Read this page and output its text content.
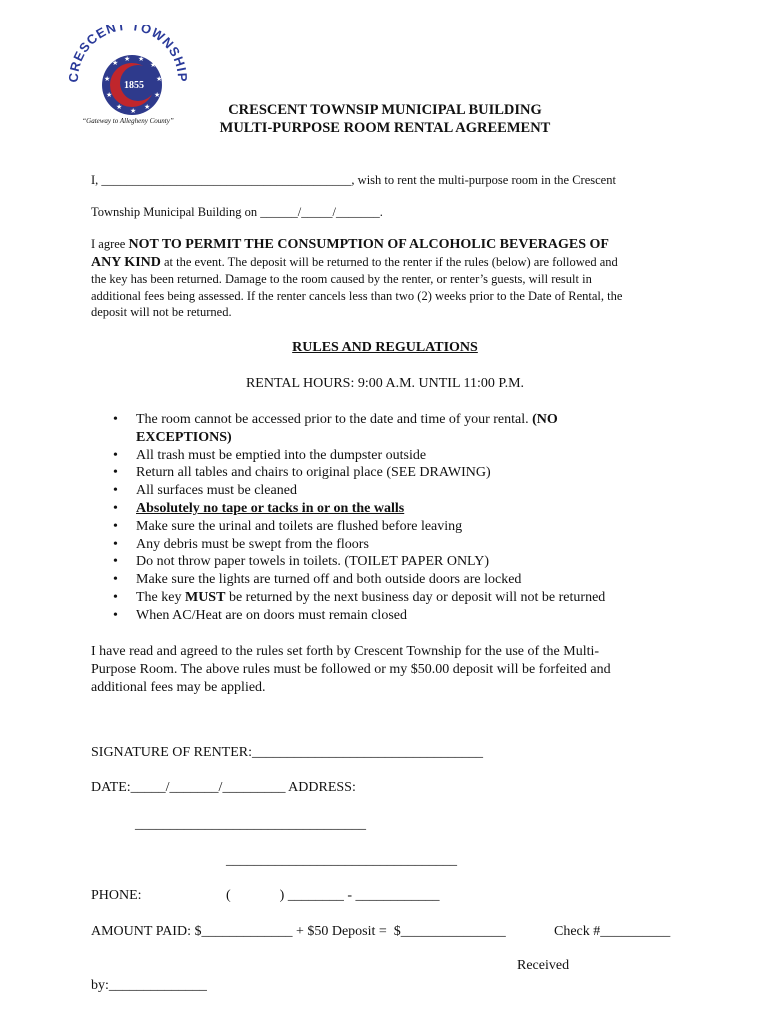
RESCENT TOWNSHI
★ ★ ★
★
★
★
★
★
★
★
★
1855
“Gateway to Allegheny County”
CRESCENT TOWNSIP MUNICIPAL BUILDING
MULTI-PURPOSE ROOM RENTAL AGREEMENT
I, ________________________________________, wish to rent the multi-purpose room in the Crescent
Township Municipal Building on ______/_____/_______.
I agree NOT TO PERMIT THE CONSUMPTION OF ALCOHOLIC BEVERAGES OF
ANY KIND at the event. The deposit will be returned to the renter if the rules (below) are followed and
the key has been returned. Damage to the room caused by the renter, or renter’s guests, will result in
additional fees being assessed. If the renter cancels less than two (2) weeks prior to the Date of Rental, the
deposit will not be returned.
RULES AND REGULATIONS
RENTAL HOURS: 9:00 A.M. UNTIL 11:00 P.M.
• The room cannot be accessed prior to the date and time of your rental. (NO
EXCEPTIONS)
• All trash must be emptied into the dumpster outside
• Return all tables and chairs to original place (SEE DRAWING)
• All surfaces must be cleaned
• Absolutely no tape or tacks in or on the walls
• Make sure the urinal and toilets are flushed before leaving
• Any debris must be swept from the floors
• Do not throw paper towels in toilets. (TOILET PAPER ONLY)
• Make sure the lights are turned off and both outside doors are locked
• The key MUST be returned by the next business day or deposit will not be returned
• When AC/Heat are on doors must remain closed
I have read and agreed to the rules set forth by Crescent Township for the use of the Multi-
Purpose Room. The above rules must be followed or my $50.00 deposit will be forfeited and
additional fees may be applied.
SIGNATURE OF RENTER:_________________________________
DATE:_____/_______/_________ ADDRESS:
_________________________________
_________________________________
PHONE:	(              ) ________ - ____________
AMOUNT PAID: $_____________ + $50 Deposit =  $_______________	Check #__________
Received
by:______________
